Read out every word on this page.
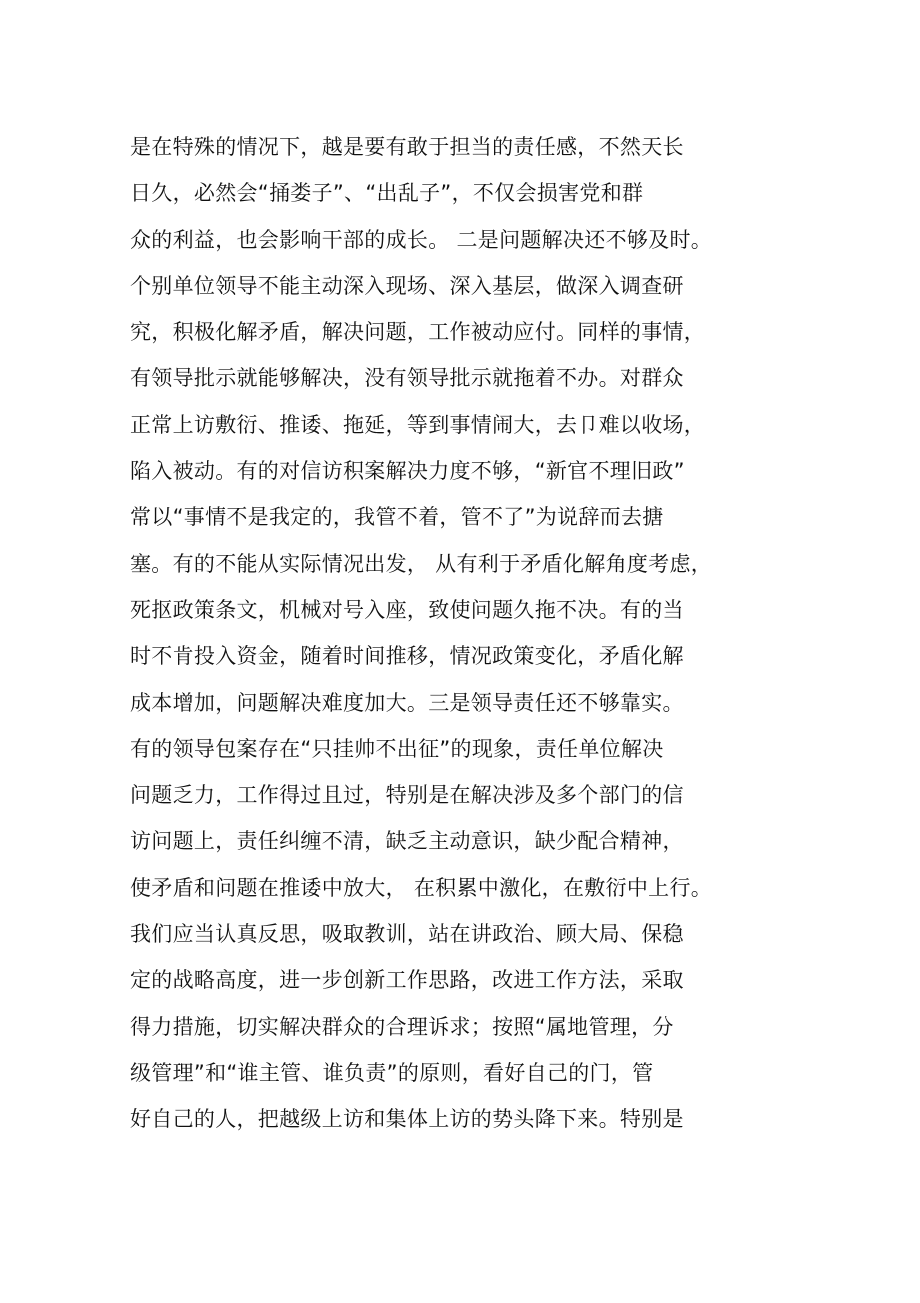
是在特殊的情况下，越是要有敢于担当的责任感，不然天长
日久，必然会“捅娄子”、“出乱子”，不仅会损害党和群
众的利益，也会影响干部的成长。 二是问题解决还不够及时。
个别单位领导不能主动深入现场、深入基层，做深入调查研
究，积极化解矛盾，解决问题，工作被动应付。同样的事情，
有领导批示就能够解决，没有领导批示就拖着不办。对群众
正常上访敷衍、推诿、拖延，等到事情闹大，去卩难以收场，
陷入被动。有的对信访积案解决力度不够，“新官不理旧政”
常以“事情不是我定的，我管不着，管不了”为说辞而去搪
塞。有的不能从实际情况出发， 从有利于矛盾化解角度考虑，
死抠政策条文，机械对号入座，致使问题久拖不决。有的当
时不肯投入资金，随着时间推移，情况政策变化，矛盾化解
成本增加，问题解决难度加大。三是领导责任还不够靠实。
有的领导包案存在“只挂帅不出征”的现象，责任单位解决
问题乏力，工作得过且过，特别是在解决涉及多个部门的信
访问题上，责任纠缠不清，缺乏主动意识，缺少配合精神，
使矛盾和问题在推诿中放大， 在积累中激化，在敷衍中上行。
我们应当认真反思，吸取教训，站在讲政治、顾大局、保稳
定的战略高度，进一步创新工作思路，改进工作方法，采取
得力措施，切实解决群众的合理诉求；按照“属地管理，分
级管理”和“谁主管、谁负责”的原则，看好自己的门，管
好自己的人，把越级上访和集体上访的势头降下来。特别是
